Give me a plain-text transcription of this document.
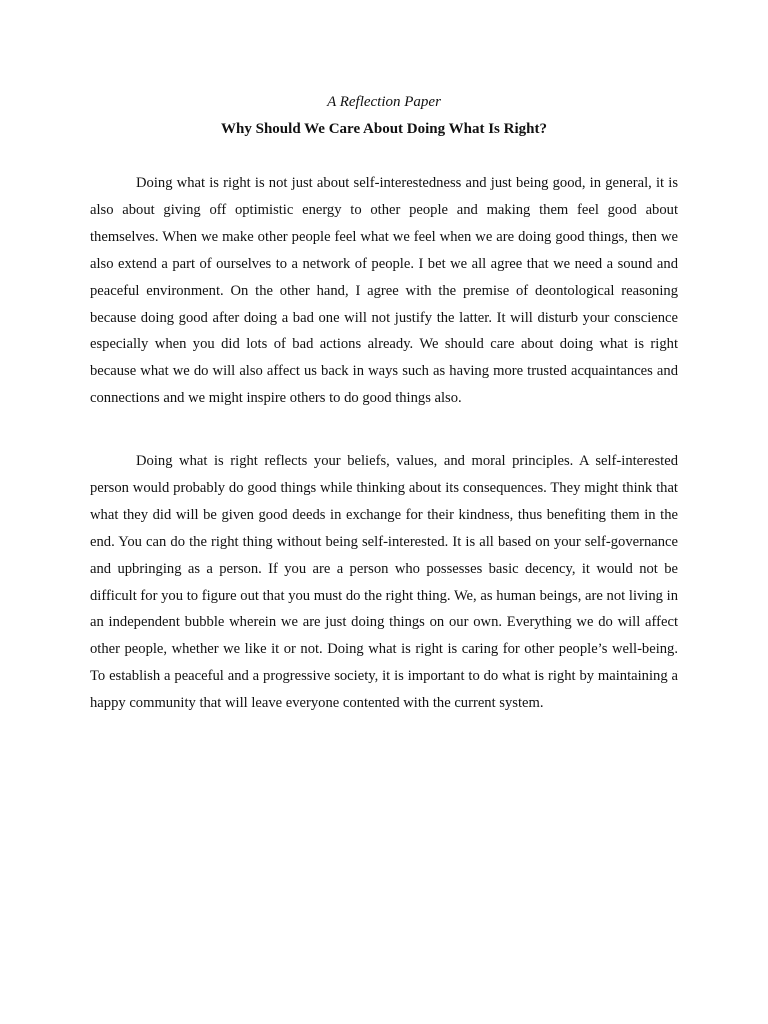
A Reflection Paper

Why Should We Care About Doing What Is Right?

Doing what is right is not just about self-interestedness and just being good, in general, it is also about giving off optimistic energy to other people and making them feel good about themselves. When we make other people feel what we feel when we are doing good things, then we also extend a part of ourselves to a network of people. I bet we all agree that we need a sound and peaceful environment. On the other hand, I agree with the premise of deontological reasoning because doing good after doing a bad one will not justify the latter. It will disturb your conscience especially when you did lots of bad actions already. We should care about doing what is right because what we do will also affect us back in ways such as having more trusted acquaintances and connections and we might inspire others to do good things also.

Doing what is right reflects your beliefs, values, and moral principles. A self-interested person would probably do good things while thinking about its consequences. They might think that what they did will be given good deeds in exchange for their kindness, thus benefiting them in the end. You can do the right thing without being self-interested. It is all based on your self-governance and upbringing as a person. If you are a person who possesses basic decency, it would not be difficult for you to figure out that you must do the right thing. We, as human beings, are not living in an independent bubble wherein we are just doing things on our own. Everything we do will affect other people, whether we like it or not. Doing what is right is caring for other people’s well-being. To establish a peaceful and a progressive society, it is important to do what is right by maintaining a happy community that will leave everyone contented with the current system.
